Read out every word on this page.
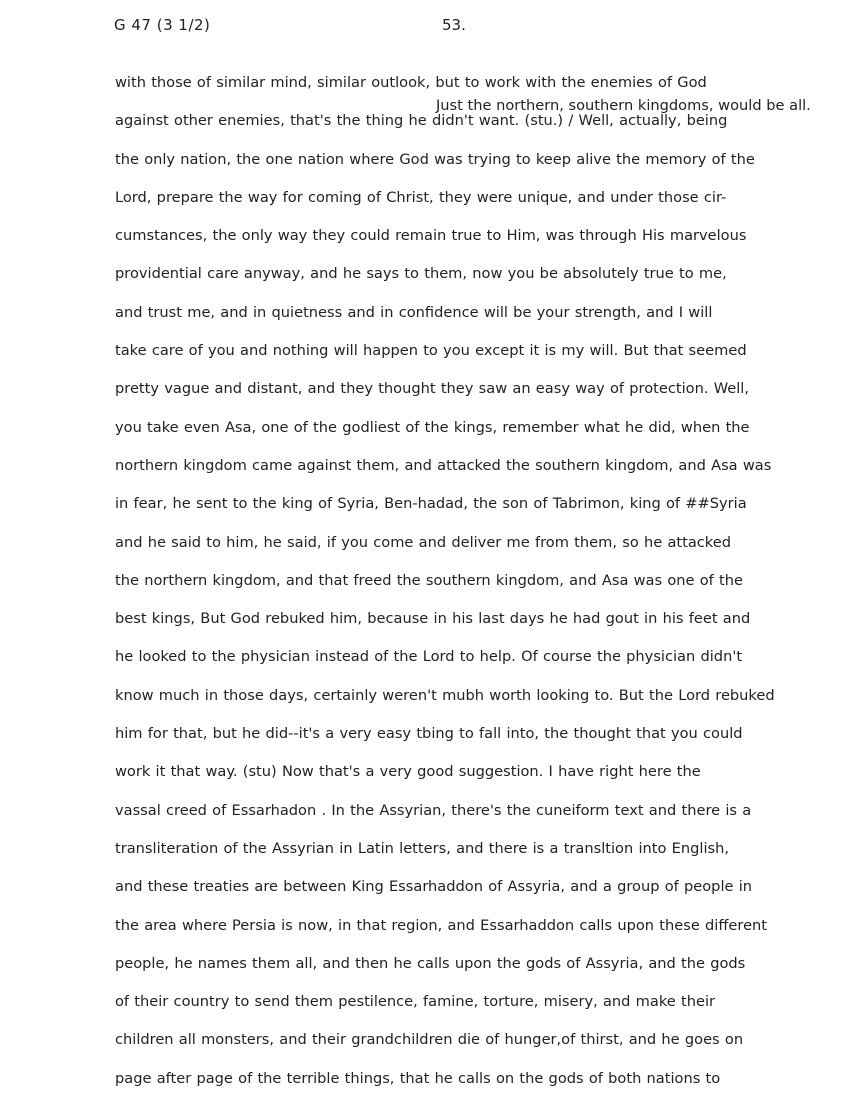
G 47 (3 1/2)	53.
Just the northern, southern kingdoms, would be all.
with those of similar mind, similar outlook, but to work with the enemies of God
against other enemies, that's the thing he didn't want. (stu.) / Well, actually, being
the only nation, the one nation where God was trying to keep alive the memory of the
Lord, prepare the way for coming of Christ, they were unique, and under those cir-
cumstances, the only way they could remain true to Him, was through His marvelous
providential care anyway, and he says to them, now you be absolutely true to me,
and trust me, and in quietness and in confidence will be your strength, and I will
take care of you and nothing will happen to you except it is my will. But that seemed
pretty vague and distant, and they thought they saw an easy way of protection. Well,
you take even Asa, one of the godliest of the kings, remember what he did, when the
northern kingdom came against them, and attacked the southern kingdom, and Asa was
in fear, he sent to the king of Syria, Ben-hadad, the son of Tabrimon, king of ##Syria
and he said to him, he said, if you come and deliver me from them, so he attacked
the northern kingdom, and that freed the southern kingdom, and Asa was one of the
best kings, But God rebuked him, because in his last days he had gout in his feet and
he looked to the physician instead of the Lord to help. Of course the physician didn't
know much in those days, certainly weren't mubh worth looking to. But the Lord rebuked
him for that, but he did--it's a very easy tbing to fall into, the thought that you could
work it that way. (stu) Now that's a very good suggestion. I have right here the
vassal creed of Essarhadon . In the Assyrian, there's the cuneiform text and there is a
transliteration of the Assyrian in Latin letters, and there is a transltion into English,
and these treaties are between King Essarhaddon of Assyria, and a group of people in
the area where Persia is now, in that region, and Essarhaddon calls upon these different
people, he names them all, and then he calls upon the gods of Assyria, and the gods
of their country to send them pestilence, famine, torture, misery, and make their
children all monsters, and their grandchildren die of hunger,of thirst, and he goes on
page after page of the terrible things, that he calls on the gods of both nations to
